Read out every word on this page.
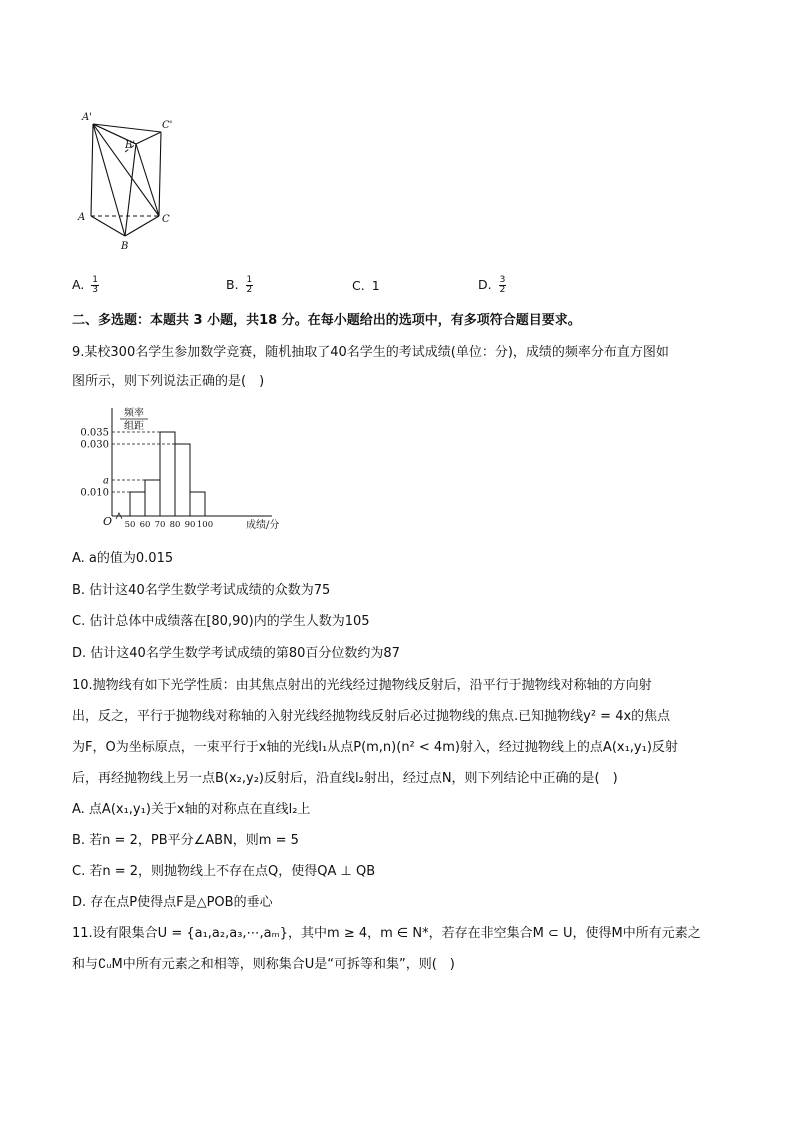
A'
C'
B'
A
B
C
A. $\frac{1}{3}$	B. $\frac{1}{2}$	C. 1	D. $\frac{3}{2}$
二、多选题：本题共 3 小题，共18 分。在每小题给出的选项中，有多项符合题目要求。
9.某校300名学生参加数学竞赛，随机抽取了40名学生的考试成绩(单位：分)，成绩的频率分布直方图如
图所示，则下列说法正确的是(　)
0.035
0.030
a
0.010
50 60 70 80 90 100
O
频率
组距
成绩/分
A. a的值为0.015
B. 估计这40名学生数学考试成绩的众数为75
C. 估计总体中成绩落在[80,90)内的学生人数为105
D. 估计这40名学生数学考试成绩的第80百分位数约为87
10.抛物线有如下光学性质：由其焦点射出的光线经过抛物线反射后，沿平行于抛物线对称轴的方向射
出，反之，平行于抛物线对称轴的入射光线经抛物线反射后必过抛物线的焦点.已知抛物线y² = 4x的焦点
为F，O为坐标原点，一束平行于x轴的光线l₁从点P(m,n)(n² < 4m)射入，经过抛物线上的点A(x₁,y₁)反射
后，再经抛物线上另一点B(x₂,y₂)反射后，沿直线l₂射出，经过点N，则下列结论中正确的是(　)
A. 点A(x₁,y₁)关于x轴的对称点在直线l₂上
B. 若n = 2，PB平分∠ABN，则m = 5
C. 若n = 2，则抛物线上不存在点Q，使得QA ⊥ QB
D. 存在点P使得点F是△POB的垂心
11.设有限集合U = {a₁,a₂,a₃,⋯,aₘ}，其中m ≥ 4，m ∈ N*，若存在非空集合M ⊂ U，使得M中所有元素之
和与∁ᵤM中所有元素之和相等，则称集合U是“可拆等和集”，则(　)
